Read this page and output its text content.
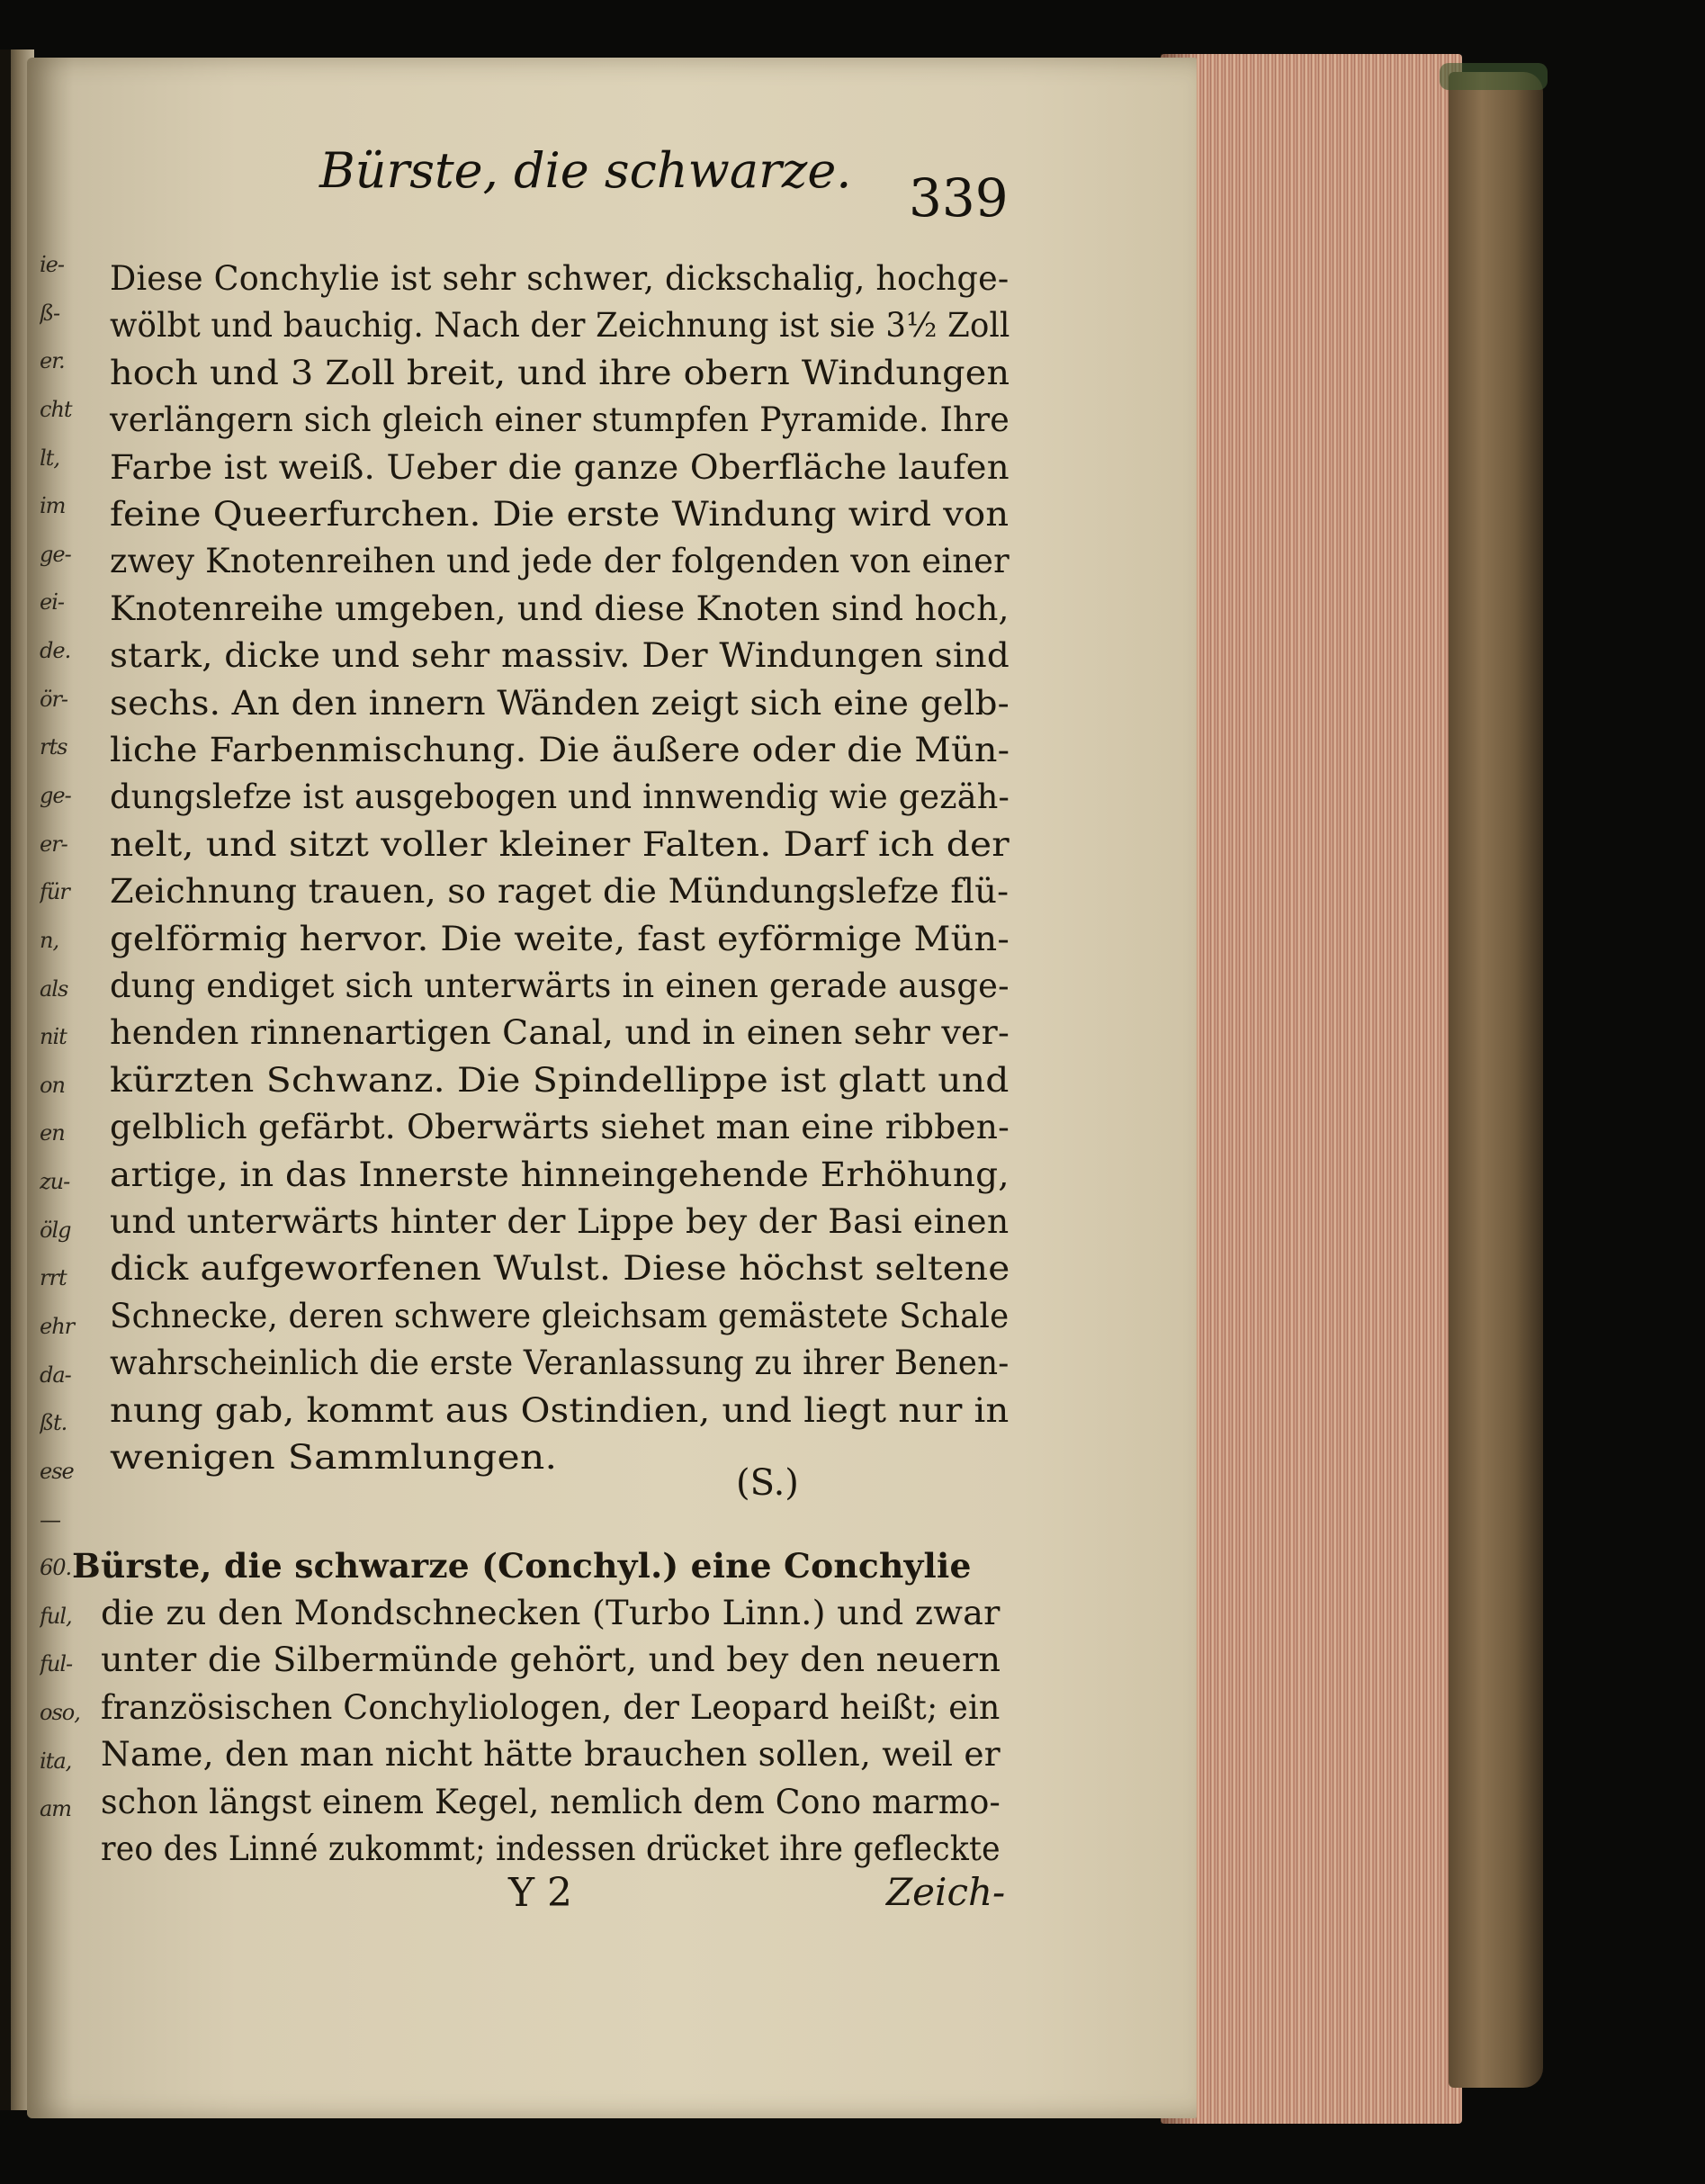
ie-
ß-
er.
cht
lt,
im
ge-
ei-
de.
ör-
rts
ge-
er-
für
n,
als
nit
on
en
zu-
ölg
rrt
ehr
da-
ßt.
ese
—
60.
ful,
ful-
oso,
ita,
am
Bürste, die schwarze. 339
Diese Conchylie ist sehr schwer, dickschalig, hochge-
wölbt und bauchig. Nach der Zeichnung ist sie 3½ Zoll
hoch und 3 Zoll breit, und ihre obern Windungen
verlängern sich gleich einer stumpfen Pyramide. Ihre
Farbe ist weiß. Ueber die ganze Oberfläche laufen
feine Queerfurchen. Die erste Windung wird von
zwey Knotenreihen und jede der folgenden von einer
Knotenreihe umgeben, und diese Knoten sind hoch,
stark, dicke und sehr massiv. Der Windungen sind
sechs. An den innern Wänden zeigt sich eine gelb-
liche Farbenmischung. Die äußere oder die Mün-
dungslefze ist ausgebogen und innwendig wie gezäh-
nelt, und sitzt voller kleiner Falten. Darf ich der
Zeichnung trauen, so raget die Mündungslefze flü-
gelförmig hervor. Die weite, fast eyförmige Mün-
dung endiget sich unterwärts in einen gerade ausge-
henden rinnenartigen Canal, und in einen sehr ver-
kürzten Schwanz. Die Spindellippe ist glatt und
gelblich gefärbt. Oberwärts siehet man eine ribben-
artige, in das Innerste hinneingehende Erhöhung,
und unterwärts hinter der Lippe bey der Basi einen
dick aufgeworfenen Wulst. Diese höchst seltene
Schnecke, deren schwere gleichsam gemästete Schale
wahrscheinlich die erste Veranlassung zu ihrer Benen-
nung gab, kommt aus Ostindien, und liegt nur in
wenigen Sammlungen.
(S.)
Bürste, die schwarze (Conchyl.) eine Conchylie
die zu den Mondschnecken (Turbo Linn.) und zwar
unter die Silbermünde gehört, und bey den neuern
französischen Conchyliologen, der Leopard heißt; ein
Name, den man nicht hätte brauchen sollen, weil er
schon längst einem Kegel, nemlich dem Cono marmo-
reo des Linné zukommt; indessen drücket ihre gefleckte
Y 2	Zeich-
